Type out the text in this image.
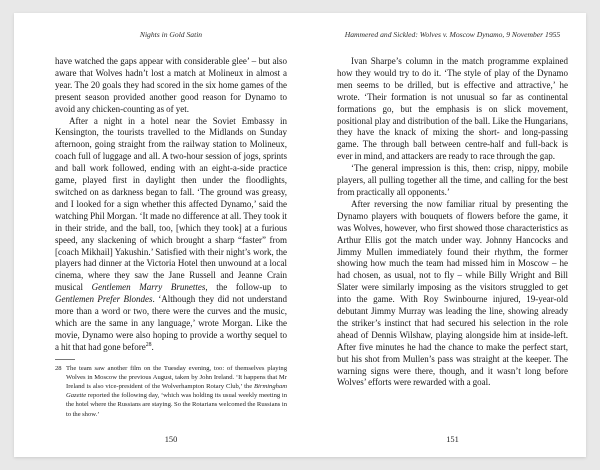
Nights in Gold Satin

have watched the gaps appear with considerable glee’ – but also aware that Wolves hadn’t lost a match at Molineux in almost a year. The 20 goals they had scored in the six home games of the present season provided another good reason for Dynamo to avoid any chicken-counting as of yet.

After a night in a hotel near the Soviet Embassy in Kensington, the tourists travelled to the Midlands on Sunday afternoon, going straight from the railway station to Molineux, coach full of luggage and all. A two-hour session of jogs, sprints and ball work followed, ending with an eight-a-side practice game, played first in daylight then under the floodlights, switched on as darkness began to fall. ‘The ground was greasy, and I looked for a sign whether this affected Dynamo,’ said the watching Phil Morgan. ‘It made no difference at all. They took it in their stride, and the ball, too, [which they took] at a furious speed, any slackening of which brought a sharp “faster” from [coach Mikhail] Yakushin.’ Satisfied with their night’s work, the players had dinner at the Victoria Hotel then unwound at a local cinema, where they saw the Jane Russell and Jeanne Crain musical Gentlemen Marry Brunettes, the follow-up to Gentlemen Prefer Blondes. ‘Although they did not understand more than a word or two, there were the curves and the music, which are the same in any language,’ wrote Morgan. Like the movie, Dynamo were also hoping to provide a worthy sequel to a hit that had gone before$^{28}$.

28 The team saw another film on the Tuesday evening, too: of themselves playing Wolves in Moscow the previous August, taken by John Ireland. ‘It happens that Mr Ireland is also vice-president of the Wolverhampton Rotary Club,’ the Birmingham Gazette reported the following day, ‘which was holding its usual weekly meeting in the hotel where the Russians are staying. So the Rotarians welcomed the Russians in to the show.’
150
Hammered and Sickled: Wolves v. Moscow Dynamo, 9 November 1955

Ivan Sharpe’s column in the match programme explained how they would try to do it. ‘The style of play of the Dynamo men seems to be drilled, but is effective and attractive,’ he wrote. ‘Their formation is not unusual so far as continental formations go, but the emphasis is on slick movement, positional play and distribution of the ball. Like the Hungarians, they have the knack of mixing the short- and long-passing game. The through ball between centre-half and full-back is ever in mind, and attackers are ready to race through the gap.

‘The general impression is this, then: crisp, nippy, mobile players, all pulling together all the time, and calling for the best from practically all opponents.’

After reversing the now familiar ritual by presenting the Dynamo players with bouquets of flowers before the game, it was Wolves, however, who first showed those characteristics as Arthur Ellis got the match under way. Johnny Hancocks and Jimmy Mullen immediately found their rhythm, the former showing how much the team had missed him in Moscow – he had chosen, as usual, not to fly – while Billy Wright and Bill Slater were similarly imposing as the visitors struggled to get into the game. With Roy Swinbourne injured, 19-year-old debutant Jimmy Murray was leading the line, showing already the striker’s instinct that had secured his selection in the role ahead of Dennis Wilshaw, playing alongside him at inside-left. After five minutes he had the chance to make the perfect start, but his shot from Mullen’s pass was straight at the keeper. The warning signs were there, though, and it wasn’t long before Wolves’ efforts were rewarded with a goal.

151
